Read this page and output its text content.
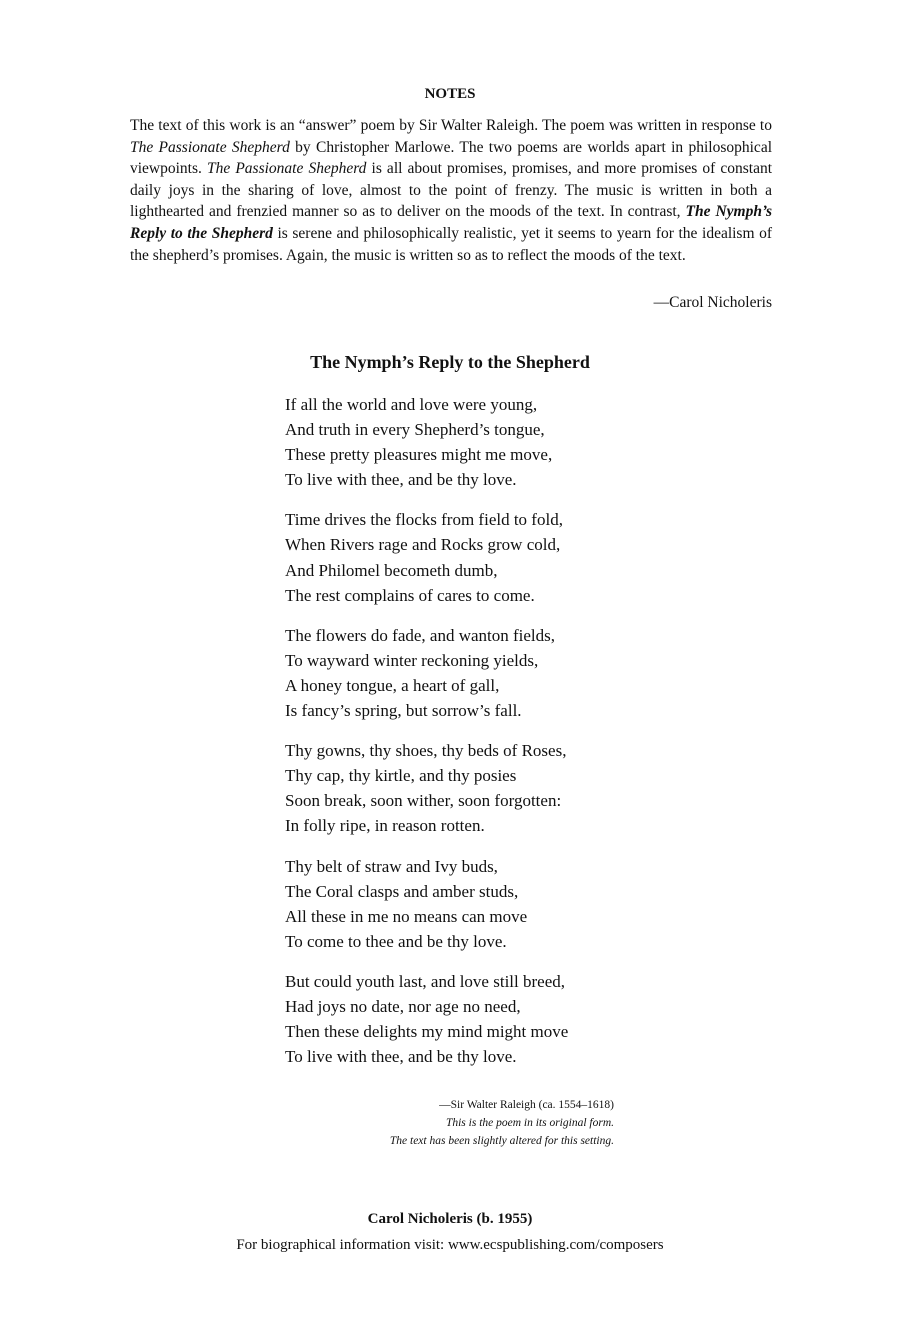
NOTES
The text of this work is an “answer” poem by Sir Walter Raleigh. The poem was written in response to The Passionate Shepherd by Christopher Marlowe. The two poems are worlds apart in philosophical viewpoints. The Passionate Shepherd is all about promises, promises, and more promises of constant daily joys in the sharing of love, almost to the point of frenzy. The music is written in both a lighthearted and frenzied manner so as to deliver on the moods of the text. In contrast, The Nymph’s Reply to the Shepherd is serene and philosophically realistic, yet it seems to yearn for the idealism of the shepherd’s promises. Again, the music is written so as to reflect the moods of the text.
—Carol Nicholeris
The Nymph’s Reply to the Shepherd
If all the world and love were young,
And truth in every Shepherd’s tongue,
These pretty pleasures might me move,
To live with thee, and be thy love.
Time drives the flocks from field to fold,
When Rivers rage and Rocks grow cold,
And Philomel becometh dumb,
The rest complains of cares to come.
The flowers do fade, and wanton fields,
To wayward winter reckoning yields,
A honey tongue, a heart of gall,
Is fancy’s spring, but sorrow’s fall.
Thy gowns, thy shoes, thy beds of Roses,
Thy cap, thy kirtle, and thy posies
Soon break, soon wither, soon forgotten:
In folly ripe, in reason rotten.
Thy belt of straw and Ivy buds,
The Coral clasps and amber studs,
All these in me no means can move
To come to thee and be thy love.
But could youth last, and love still breed,
Had joys no date, nor age no need,
Then these delights my mind might move
To live with thee, and be thy love.
—Sir Walter Raleigh (ca. 1554–1618)
This is the poem in its original form.
The text has been slightly altered for this setting.
Carol Nicholeris (b. 1955)
For biographical information visit: www.ecspublishing.com/composers
